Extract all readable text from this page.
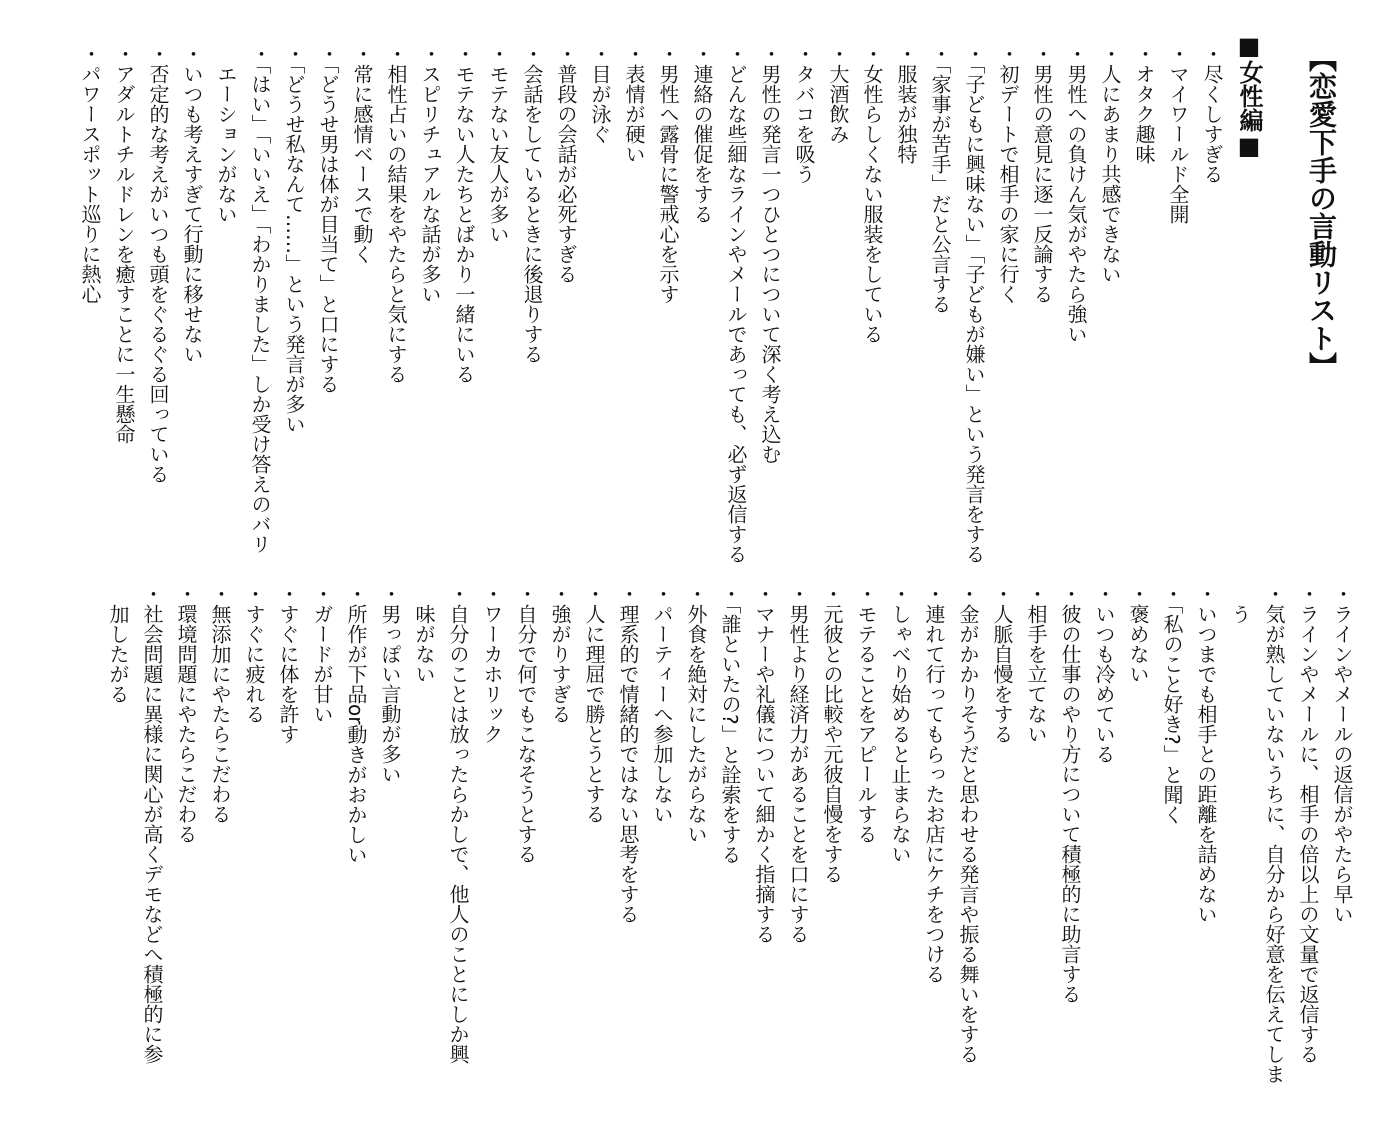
【恋愛下手の言動リスト】
■女性編■
・尽くしすぎる
・マイワールド全開
・オタク趣味
・人にあまり共感できない
・男性への負けん気がやたら強い
・男性の意見に逐一反論する
・初デートで相手の家に行く
・「子どもに興味ない」「子どもが嫌い」という発言をする
・「家事が苦手」だと公言する
・服装が独特
・女性らしくない服装をしている
・大酒飲み
・タバコを吸う
・男性の発言一つひとつについて深く考え込む
・どんな些細なラインやメールであっても、必ず返信する
・連絡の催促をする
・男性へ露骨に警戒心を示す
・表情が硬い
・目が泳ぐ
・普段の会話が必死すぎる
・会話をしているときに後退りする
・モテない友人が多い
・モテない人たちとばかり一緒にいる
・スピリチュアルな話が多い
・相性占いの結果をやたらと気にする
・常に感情ベースで動く
・「どうせ男は体が目当て」と口にする
・「どうせ私なんて……」という発言が多い
・「はい」「いいえ」「わかりました」しか受け答えのバリ
　エーションがない
・いつも考えすぎて行動に移せない
・否定的な考えがいつも頭をぐるぐる回っている
・アダルトチルドレンを癒すことに一生懸命
・パワースポット巡りに熱心
・ラインやメールの返信がやたら早い
・ラインやメールに、相手の倍以上の文量で返信する
・気が熟していないうちに、自分から好意を伝えてしま
　う
・いつまでも相手との距離を詰めない
・「私のこと好き?」と聞く
・褒めない
・いつも冷めている
・彼の仕事のやり方について積極的に助言する
・相手を立てない
・人脈自慢をする
・金がかかりそうだと思わせる発言や振る舞いをする
・連れて行ってもらったお店にケチをつける
・しゃべり始めると止まらない
・モテることをアピールする
・元彼との比較や元彼自慢をする
・男性より経済力があることを口にする
・マナーや礼儀について細かく指摘する
・「誰といたの?」と詮索をする
・外食を絶対にしたがらない
・パーティーへ参加しない
・理系的で情緒的ではない思考をする
・人に理屈で勝とうとする
・強がりすぎる
・自分で何でもこなそうとする
・ワーカホリック
・自分のことは放ったらかしで、他人のことにしか興
　味がない
・男っぽい言動が多い
・所作が下品or動きがおかしい
・ガードが甘い
・すぐに体を許す
・すぐに疲れる
・無添加にやたらこだわる
・環境問題にやたらこだわる
・社会問題に異様に関心が高くデモなどへ積極的に参
　加したがる
